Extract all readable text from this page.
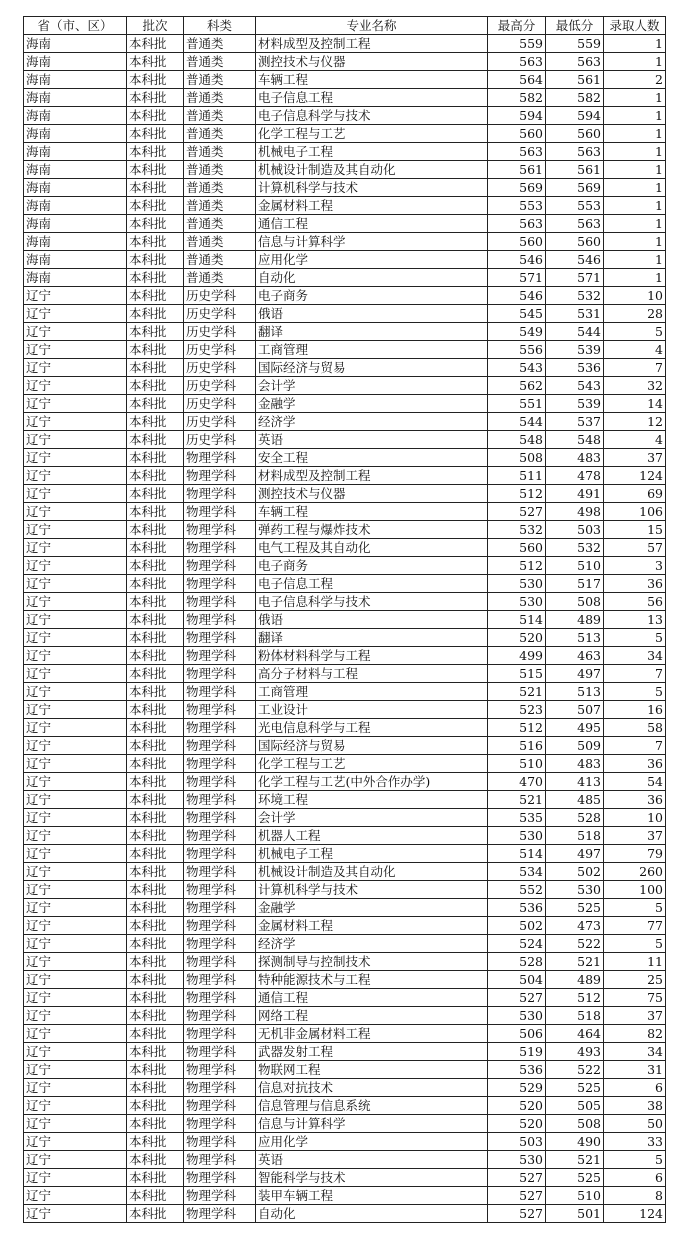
省（市、区）	批次	科类	专业名称	最高分	最低分	录取人数
海南	本科批	普通类	材料成型及控制工程	559	559	1
海南	本科批	普通类	测控技术与仪器	563	563	1
海南	本科批	普通类	车辆工程	564	561	2
海南	本科批	普通类	电子信息工程	582	582	1
海南	本科批	普通类	电子信息科学与技术	594	594	1
海南	本科批	普通类	化学工程与工艺	560	560	1
海南	本科批	普通类	机械电子工程	563	563	1
海南	本科批	普通类	机械设计制造及其自动化	561	561	1
海南	本科批	普通类	计算机科学与技术	569	569	1
海南	本科批	普通类	金属材料工程	553	553	1
海南	本科批	普通类	通信工程	563	563	1
海南	本科批	普通类	信息与计算科学	560	560	1
海南	本科批	普通类	应用化学	546	546	1
海南	本科批	普通类	自动化	571	571	1
辽宁	本科批	历史学科	电子商务	546	532	10
辽宁	本科批	历史学科	俄语	545	531	28
辽宁	本科批	历史学科	翻译	549	544	5
辽宁	本科批	历史学科	工商管理	556	539	4
辽宁	本科批	历史学科	国际经济与贸易	543	536	7
辽宁	本科批	历史学科	会计学	562	543	32
辽宁	本科批	历史学科	金融学	551	539	14
辽宁	本科批	历史学科	经济学	544	537	12
辽宁	本科批	历史学科	英语	548	548	4
辽宁	本科批	物理学科	安全工程	508	483	37
辽宁	本科批	物理学科	材料成型及控制工程	511	478	124
辽宁	本科批	物理学科	测控技术与仪器	512	491	69
辽宁	本科批	物理学科	车辆工程	527	498	106
辽宁	本科批	物理学科	弹药工程与爆炸技术	532	503	15
辽宁	本科批	物理学科	电气工程及其自动化	560	532	57
辽宁	本科批	物理学科	电子商务	512	510	3
辽宁	本科批	物理学科	电子信息工程	530	517	36
辽宁	本科批	物理学科	电子信息科学与技术	530	508	56
辽宁	本科批	物理学科	俄语	514	489	13
辽宁	本科批	物理学科	翻译	520	513	5
辽宁	本科批	物理学科	粉体材料科学与工程	499	463	34
辽宁	本科批	物理学科	高分子材料与工程	515	497	7
辽宁	本科批	物理学科	工商管理	521	513	5
辽宁	本科批	物理学科	工业设计	523	507	16
辽宁	本科批	物理学科	光电信息科学与工程	512	495	58
辽宁	本科批	物理学科	国际经济与贸易	516	509	7
辽宁	本科批	物理学科	化学工程与工艺	510	483	36
辽宁	本科批	物理学科	化学工程与工艺(中外合作办学)	470	413	54
辽宁	本科批	物理学科	环境工程	521	485	36
辽宁	本科批	物理学科	会计学	535	528	10
辽宁	本科批	物理学科	机器人工程	530	518	37
辽宁	本科批	物理学科	机械电子工程	514	497	79
辽宁	本科批	物理学科	机械设计制造及其自动化	534	502	260
辽宁	本科批	物理学科	计算机科学与技术	552	530	100
辽宁	本科批	物理学科	金融学	536	525	5
辽宁	本科批	物理学科	金属材料工程	502	473	77
辽宁	本科批	物理学科	经济学	524	522	5
辽宁	本科批	物理学科	探测制导与控制技术	528	521	11
辽宁	本科批	物理学科	特种能源技术与工程	504	489	25
辽宁	本科批	物理学科	通信工程	527	512	75
辽宁	本科批	物理学科	网络工程	530	518	37
辽宁	本科批	物理学科	无机非金属材料工程	506	464	82
辽宁	本科批	物理学科	武器发射工程	519	493	34
辽宁	本科批	物理学科	物联网工程	536	522	31
辽宁	本科批	物理学科	信息对抗技术	529	525	6
辽宁	本科批	物理学科	信息管理与信息系统	520	505	38
辽宁	本科批	物理学科	信息与计算科学	520	508	50
辽宁	本科批	物理学科	应用化学	503	490	33
辽宁	本科批	物理学科	英语	530	521	5
辽宁	本科批	物理学科	智能科学与技术	527	525	6
辽宁	本科批	物理学科	装甲车辆工程	527	510	8
辽宁	本科批	物理学科	自动化	527	501	124
